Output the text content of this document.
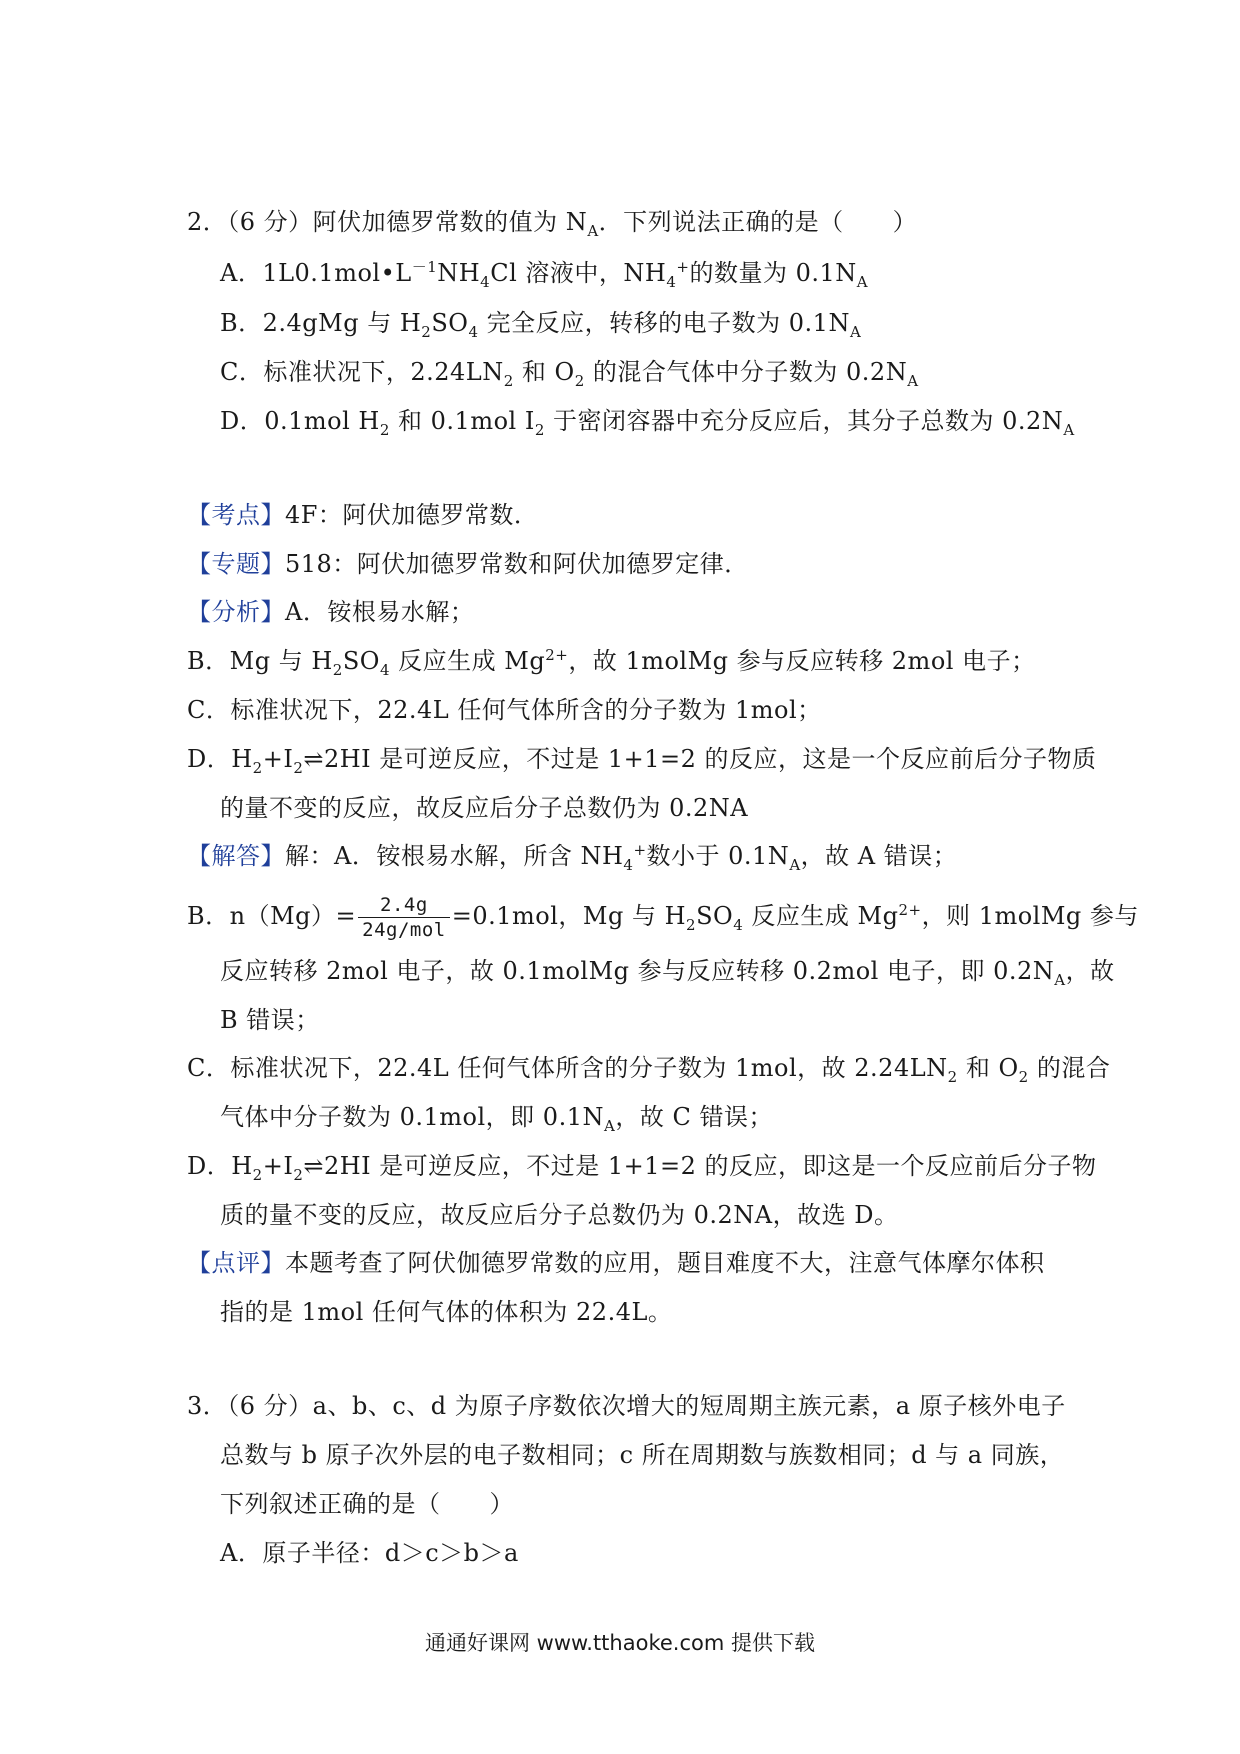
2．（6 分）阿伏加德罗常数的值为 $N_A$．下列说法正确的是（　　）
A．$1L0.1mol•L^{-1}NH_4Cl$ 溶液中，$NH_4^+$的数量为 $0.1N_A$
B．2.4gMg 与 $H_2SO_4$ 完全反应，转移的电子数为 $0.1N_A$
C．标准状况下，$2.24LN_2$ 和 $O_2$ 的混合气体中分子数为 $0.2N_A$
D．0.1mol $H_2$ 和 0.1mol $I_2$ 于密闭容器中充分反应后，其分子总数为 $0.2N_A$
【考点】4F：阿伏加德罗常数．
【专题】518：阿伏加德罗常数和阿伏加德罗定律．
【分析】A．铵根易水解；
B．Mg 与 $H_2SO_4$ 反应生成 $Mg^{2+}$，故 1molMg 参与反应转移 2mol 电子；
C．标准状况下，22.4L 任何气体所含的分子数为 1mol；
D．$H_2+I_2\rightleftharpoons 2HI$ 是可逆反应，不过是 1+1=2 的反应，这是一个反应前后分子物质
的量不变的反应，故反应后分子总数仍为 0.2NA
【解答】解：A．铵根易水解，所含 $NH_4^+$数小于 $0.1N_A$，故 A 错误；
B．$n(Mg)= \frac{2.4g}{\text{24g/mol}} =0.1mol$，Mg 与 $H_2SO_4$ 反应生成 $Mg^{2+}$，则 1molMg 参与
反应转移 2mol 电子，故 0.1molMg 参与反应转移 0.2mol 电子，即 $0.2N_A$，故
B 错误；
C．标准状况下，22.4L 任何气体所含的分子数为 1mol，故 $2.24LN_2$ 和 $O_2$ 的混合
气体中分子数为 0.1mol，即 $0.1N_A$，故 C 错误；
D．$H_2+I_2\rightleftharpoons 2HI$ 是可逆反应，不过是 1+1=2 的反应，即这是一个反应前后分子物
质的量不变的反应，故反应后分子总数仍为 0.2NA，故选 D。
【点评】本题考查了阿伏伽德罗常数的应用，题目难度不大，注意气体摩尔体积
指的是 1mol 任何气体的体积为 22.4L。
3．（6 分）a、b、c、d 为原子序数依次增大的短周期主族元素，a 原子核外电子
总数与 b 原子次外层的电子数相同；c 所在周期数与族数相同；d 与 a 同族，
下列叙述正确的是（　　）
A．原子半径：d＞c＞b＞a
通通好课网 www.tthaoke.com 提供下载
